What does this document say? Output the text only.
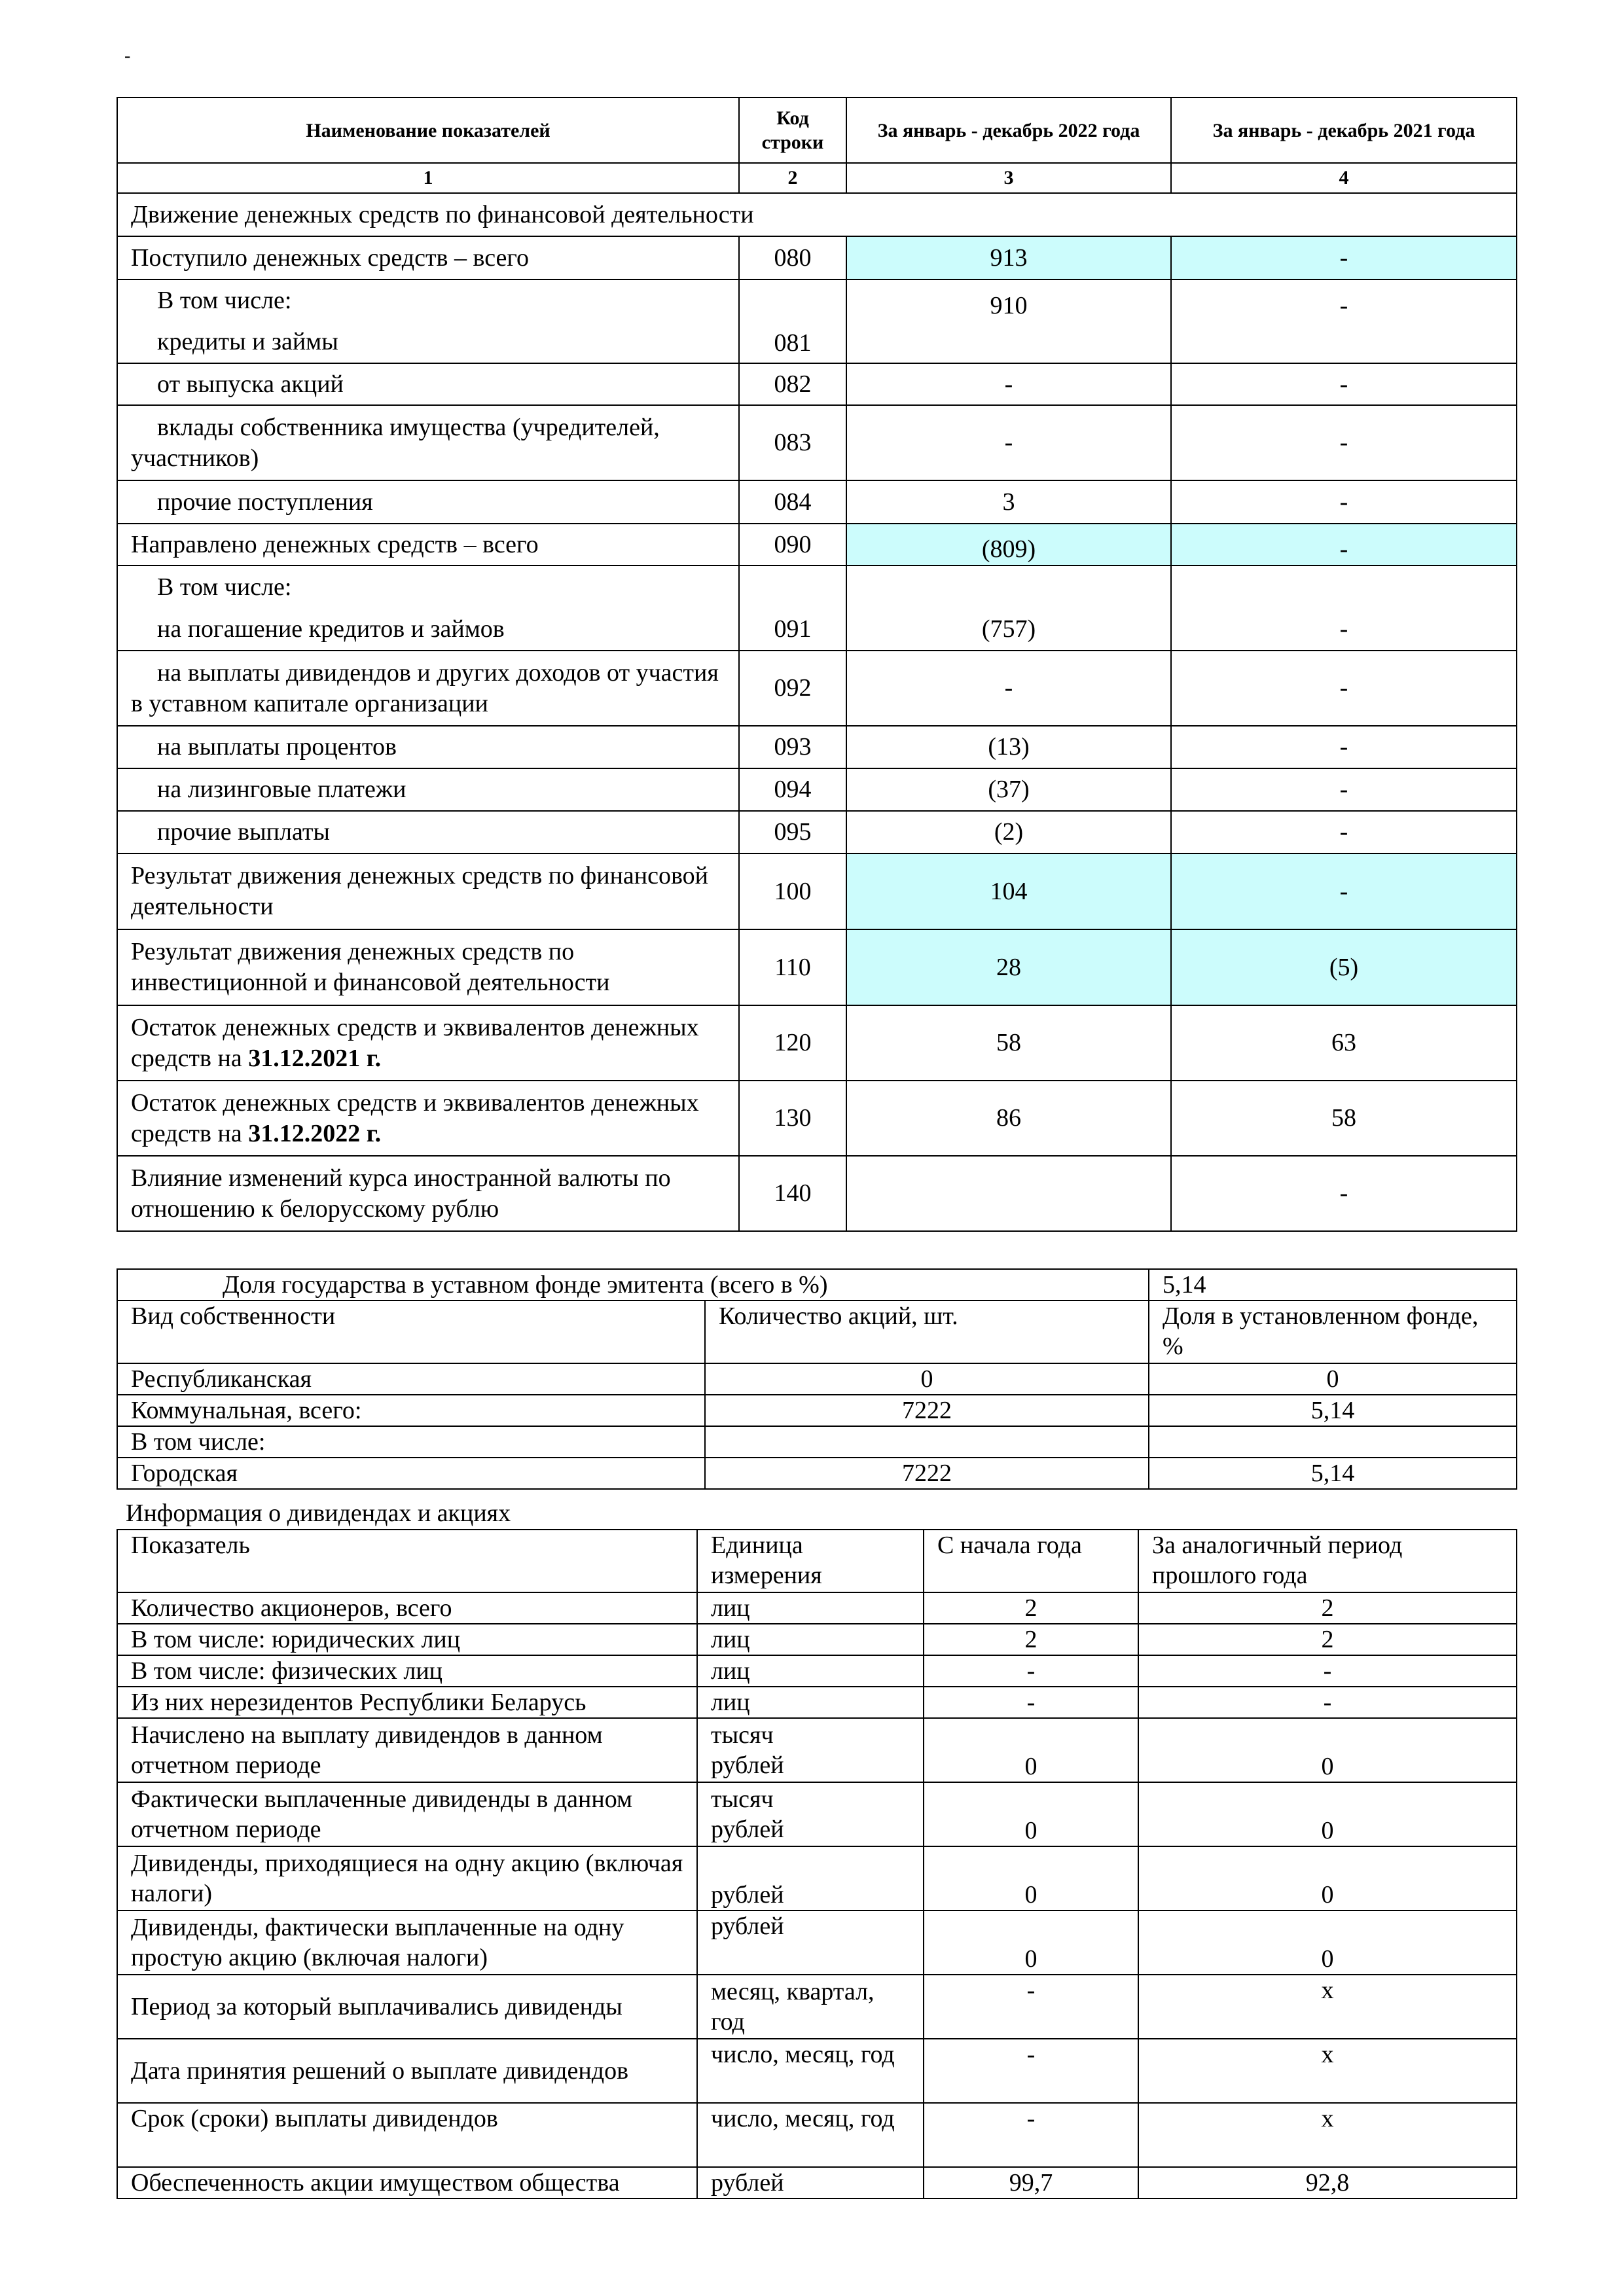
-
Наименование показателей	Код строки	За январь - декабрь 2022 года	За январь - декабрь 2021 года
1	2	3	4
Движение денежных средств по финансовой деятельности			
Поступило денежных средств – всего	080	913	-

В том числе:
кредиты и займы	081	910	-
от выпуска акций	082	-	-
вклады собственника имущества (учредителей, участников)	083	-	-
прочие поступления	084	3	-
Направлено денежных средств – всего	090	(809)	-

В том числе:
на погашение кредитов и займов	091	(757)	-
на выплаты дивидендов и других доходов от участия в уставном капитале организации	092	-	-
на выплаты процентов	093	(13)	-
на лизинговые платежи	094	(37)	-
прочие выплаты	095	(2)	-
Результат движения денежных средств по финансовой деятельности	100	104	-
Результат движения денежных средств по инвестиционной и финансовой деятельности	110	28	(5)
Остаток денежных средств и эквивалентов денежных средств на 31.12.2021 г.	120	58	63
Остаток денежных средств и эквивалентов денежных средств на 31.12.2022 г.	130	86	58
Влияние изменений курса иностранной валюты по отношению к белорусскому рублю	140		-
Доля государства в уставном фонде эмитента (всего в %)		5,14
Вид собственности	Количество акций, шт.	Доля в установленном фонде, %
Республиканская	0	0
Коммунальная, всего:	7222	5,14
В том числе:		
Городская	7222	5,14
Информация о дивидендах и акциях
Показатель	Единица измерения	С начала года	За аналогичный период прошлого года
Количество акционеров, всего	лиц	2	2
В том числе: юридических лиц	лиц	2	2
В том числе: физических лиц	лиц	-	-
Из них нерезидентов Республики Беларусь	лиц	-	-
Начислено на выплату дивидендов в данном отчетном периоде	тысяч рублей	0	0
Фактически выплаченные дивиденды в данном отчетном периоде	тысяч рублей	0	0
Дивиденды, приходящиеся на одну акцию (включая налоги)	рублей	0	0
Дивиденды, фактически выплаченные на одну простую акцию (включая налоги)	рублей	0	0
Период за который выплачивались дивиденды	месяц, квартал, год	-	x
Дата принятия решений о выплате дивидендов	число, месяц, год	-	x
Срок (сроки) выплаты дивидендов	число, месяц, год	-	x
Обеспеченность акции имуществом общества	рублей	99,7	92,8
